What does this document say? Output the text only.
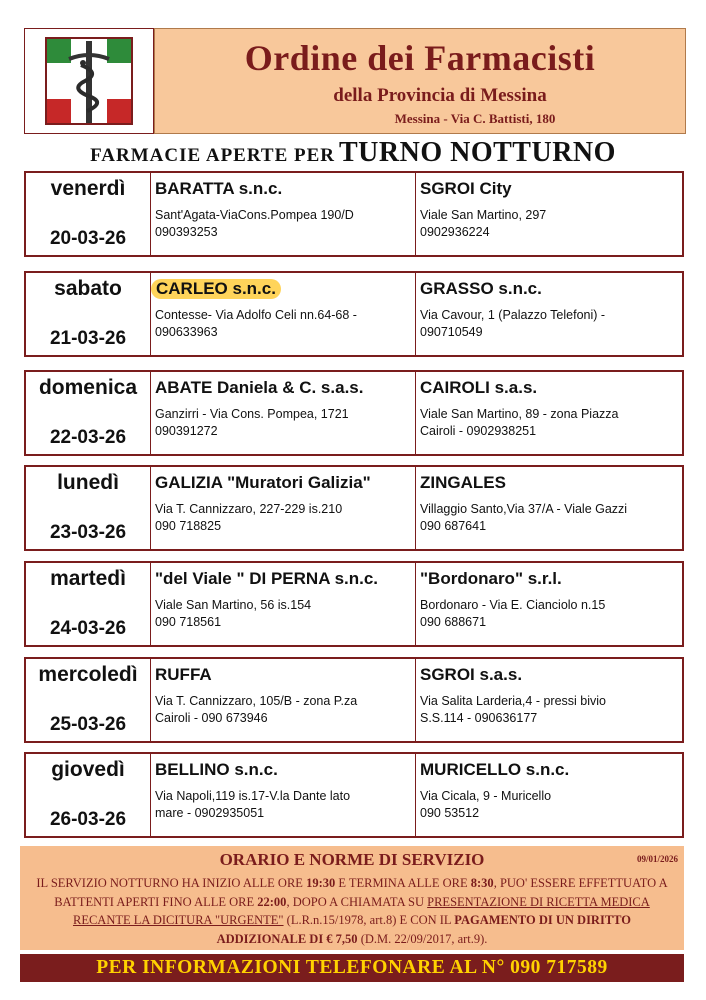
Ordine dei Farmacisti
della Provincia di Messina
Messina - Via C. Battisti, 180
FARMACIE APERTE PER TURNO NOTTURNO
venerdì
20-03-26
BARATTA s.n.c.
Sant'Agata-ViaCons.Pompea 190/D
090393253
SGROI City
Viale San Martino, 297
0902936224
sabato
21-03-26
CARLEO s.n.c.
Contesse- Via Adolfo Celi nn.64-68 -
090633963
GRASSO s.n.c.
Via Cavour, 1 (Palazzo Telefoni) -
090710549
domenica
22-03-26
ABATE Daniela & C. s.a.s.
Ganzirri - Via Cons. Pompea, 1721
090391272
CAIROLI s.a.s.
Viale San Martino, 89 - zona Piazza
Cairoli - 0902938251
lunedì
23-03-26
GALIZIA "Muratori Galizia"
Via T. Cannizzaro, 227-229 is.210
090 718825
ZINGALES
Villaggio Santo,Via 37/A - Viale Gazzi
090 687641
martedì
24-03-26
"del Viale " DI PERNA s.n.c.
Viale San Martino, 56 is.154
090 718561
"Bordonaro" s.r.l.
Bordonaro - Via E. Cianciolo n.15
090 688671
mercoledì
25-03-26
RUFFA
Via T. Cannizzaro, 105/B - zona P.za
Cairoli - 090 673946
SGROI s.a.s.
Via Salita Larderia,4 - pressi bivio
S.S.114 - 090636177
giovedì
26-03-26
BELLINO s.n.c.
Via Napoli,119 is.17-V.la Dante lato
mare - 0902935051
MURICELLO s.n.c.
Via Cicala, 9 - Muricello
090 53512
ORARIO E NORME DI SERVIZIO	09/01/2026
IL SERVIZIO NOTTURNO HA INIZIO ALLE ORE 19:30 E TERMINA ALLE ORE 8:30, PUO' ESSERE EFFETTUATO A BATTENTI APERTI FINO ALLE ORE 22:00, DOPO A CHIAMATA SU PRESENTAZIONE DI RICETTA MEDICA RECANTE LA DICITURA "URGENTE" (L.R.n.15/1978, art.8) E CON IL PAGAMENTO DI UN DIRITTO ADDIZIONALE DI € 7,50 (D.M. 22/09/2017, art.9).
PER INFORMAZIONI TELEFONARE AL N° 090 717589
